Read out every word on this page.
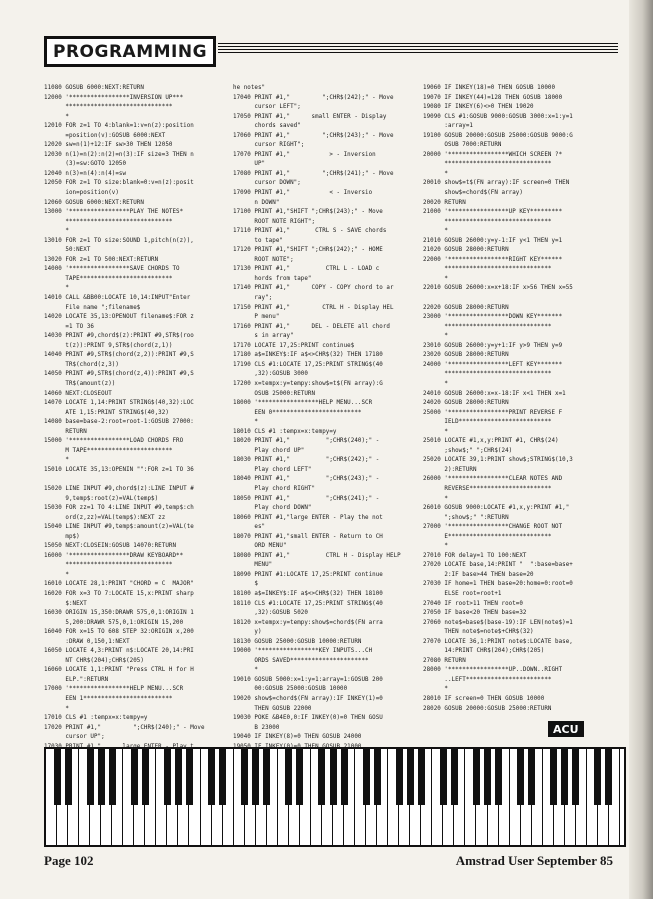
PROGRAMMING
11080 GOSUB 6000:NEXT:RETURN
12000 '*****************INVERSION UP***
******************************
*
12010 FOR z=1 TO 4:blank=1:v=n(z):position
=position(v):GOSUB 6000:NEXT
12020 sw=n(1)+12:IF sw>30 THEN 12050
12030 n(1)=n(2):n(2)=n(3):IF size=3 THEN n
(3)=sw:GOTO 12050
12040 n(3)=n(4):n(4)=sw
12050 FOR z=1 TO size:blank=0:v=n(z):posit
ion=position(v)
12060 GOSUB 6000:NEXT:RETURN
13000 '*****************PLAY THE NOTES*
******************************
*
13010 FOR z=1 TO size:SOUND 1,pitch(n(z)),
50:NEXT
13020 FOR z=1 TO 500:NEXT:RETURN
14000 '*****************SAVE CHORDS TO
TAPE**************************
*
14010 CALL &BB00:LOCATE 10,14:INPUT"Enter
File name ";filename$
14020 LOCATE 35,13:OPENOUT filename$:FOR z
=1 TO 36
14030 PRINT #9,chord$(z):PRINT #9,STR$(roo
t(z)):PRINT 9,STR$(chord(z,1))
14040 PRINT #9,STR$(chord(z,2)):PRINT #9,S
TR$(chord(z,3))
14050 PRINT #9,STR$(chord(z,4)):PRINT #9,S
TR$(amount(z))
14060 NEXT:CLOSEOUT
14070 LOCATE 1,14:PRINT STRING$(40,32):LOC
ATE 1,15:PRINT STRING$(40,32)
14080 base=base-2:root=root-1:GOSUB 27000:
RETURN
15000 '*****************LOAD CHORDS FRO
M TAPE************************
*
15010 LOCATE 35,13:OPENIN "":FOR z=1 TO 36
15020 LINE INPUT #9,chord$(z):LINE INPUT #
9,temp$:root(z)=VAL(temp$)
15030 FOR zz=1 TO 4:LINE INPUT #9,temp$:ch
ord(z,zz)=VAL(temp$):NEXT zz
15040 LINE INPUT #9,temp$:amount(z)=VAL(te
mp$)
15050 NEXT:CLOSEIN:GOSUB 14070:RETURN
16000 '*****************DRAW KEYBOARD**
******************************
*
16010 LOCATE 28,1:PRINT "CHORD = C  MAJOR"
16020 FOR x=3 TO 7:LOCATE 15,x:PRINT sharp
$:NEXT
16030 ORIGIN 15,350:DRAWR 575,0,1:ORIGIN 1
5,200:DRAWR 575,0,1:ORIGIN 15,200
16040 FOR x=15 TO 608 STEP 32:ORIGIN x,200
:DRAW 0,150,1:NEXT
16050 LOCATE 4,3:PRINT n$:LOCATE 20,14:PRI
NT CHR$(204);CHR$(205)
16060 LOCATE 1,1:PRINT "Press CTRL H for H
ELP.":RETURN
17000 '*****************HELP MENU...SCR
EEN 1*************************
*
17010 CLS #1 :tempx=x:tempy=y
17020 PRINT #1,"         ";CHR$(240);" - Move
cursor UP";
he notes"
17040 PRINT #1,"         ";CHR$(242);" - Move
cursor LEFT";
17050 PRINT #1,"      small ENTER - Display
chords saved"
17060 PRINT #1,"         ";CHR$(243);" - Move
cursor RIGHT";
17070 PRINT #1,"           > - Inversion
UP"
17080 PRINT #1,"         ";CHR$(241);" - Move
cursor DOWN";
17090 PRINT #1,"           < - Inversio
n DOWN"
17100 PRINT #1,"SHIFT ";CHR$(243);" - Move
ROOT NOTE RIGHT";
17110 PRINT #1,"       CTRL S - SAVE chords
to tape"
17120 PRINT #1,"SHIFT ";CHR$(242);" - HOME
ROOT NOTE";
17130 PRINT #1,"          CTRL L - LOAD c
hords from tape"
17140 PRINT #1,"      COPY - COPY chord to ar
ray";
17150 PRINT #1,"         CTRL H - Display HEL
P menu"
17160 PRINT #1,"      DEL - DELETE all chord
s in array"
17170 LOCATE 17,25:PRINT continue$
17180 a$=INKEY$:IF a$<>CHR$(32) THEN 17180
17190 CLS #1:LOCATE 17,25:PRINT STRING$(40
,32):GOSUB 3000
17200 x=tempx:y=tempy:show$=t$(FN array):G
OSUB 25000:RETURN
18000 '*****************HELP MENU...SCR
EEN 0*************************
*
18010 CLS #1 :tempx=x:tempy=y
18020 PRINT #1,"          ";CHR$(240);" -
Play chord UP"
18030 PRINT #1,"          ";CHR$(242);" -
Play chord LEFT"
18040 PRINT #1,"          ";CHR$(243);" -
Play chord RIGHT"
18050 PRINT #1,"          ";CHR$(241);" -
Play chord DOWN"
18060 PRINT #1,"large ENTER - Play the not
es"
18070 PRINT #1,"small ENTER - Return to CH
ORD MENU"
18080 PRINT #1,"          CTRL H - Display HELP
MENU"
18090 PRINT #1:LOCATE 17,25:PRINT continue
$
18100 a$=INKEY$:IF a$<>CHR$(32) THEN 18100
18110 CLS #1:LOCATE 17,25:PRINT STRING$(40
,32):GOSUB 5020
18120 x=tempx:y=tempy:show$=chord$(FN arra
y)
18130 GOSUB 25000:GOSUB 10000:RETURN
19000 '*****************KEY INPUTS...CH
ORDS SAVED**********************
*
19010 GOSUB 5000:x=1:y=1:array=1:GOSUB 200
00:GOSUB 25000:GOSUB 10000
19020 show$=chord$(FN array):IF INKEY(1)=0
THEN GOSUB 22000
19030 POKE &B4E0,0:IF INKEY(0)=0 THEN GOSU
B 23000
19040 IF INKEY(8)=0 THEN GOSUB 24000
19060 IF INKEY(18)=0 THEN GOSUB 10000
19070 IF INKEY(44)=128 THEN GOSUB 18000
19080 IF INKEY(6)<>0 THEN 19020
19090 CLS #1:GOSUB 9000:GOSUB 3000:x=1:y=1
:array=1
19100 GOSUB 20000:GOSUB 25000:GOSUB 9000:G
OSUB 7000:RETURN
20000 '*****************WHICH SCREEN ?*
******************************
*
20010 show$=t$(FN array):IF screen=0 THEN
show$=chord$(FN array)
20020 RETURN
21000 '*****************UP KEY*********
******************************
*
21010 GOSUB 26000:y=y-1:IF y<1 THEN y=1
21020 GOSUB 28000:RETURN
22000 '*****************RIGHT KEY******
******************************
*
22010 GOSUB 26000:x=x+18:IF x>56 THEN x=55
22020 GOSUB 28000:RETURN
23000 '*****************DOWN KEY*******
******************************
*
23010 GOSUB 26000:y=y+1:IF y>9 THEN y=9
23020 GOSUB 28000:RETURN
24000 '*****************LEFT KEY*******
******************************
*
24010 GOSUB 26000:x=x-18:IF x<1 THEN x=1
24020 GOSUB 28000:RETURN
25000 '*****************PRINT REVERSE F
IELD**************************
*
25010 LOCATE #1,x,y:PRINT #1, CHR$(24)
;show$;" ";CHR$(24)
25020 LOCATE 39,1:PRINT show$;STRING$(10,3
2):RETURN
26000 '*****************CLEAR NOTES AND
REVERSE***********************
*
26010 GOSUB 9000:LOCATE #1,x,y:PRINT #1,"
";show$;" ":RETURN
27000 '*****************CHANGE ROOT NOT
E*****************************
*
27010 FOR delay=1 TO 100:NEXT
27020 LOCATE base,14:PRINT "  ":base=base+
2:IF base>44 THEN base=20
27030 IF home=1 THEN base=20:home=0:root=0
ELSE root=root+1
27040 IF root>11 THEN root=0
27050 IF base<20 THEN base=32
27060 note$=base$(base-19):IF LEN(note$)=1
THEN note$=note$+CHR$(32)
27070 LOCATE 36,1:PRINT note$:LOCATE base,
14:PRINT CHR$(204);CHR$(205)
27080 RETURN
28000 '*****************UP..DOWN..RIGHT
..LEFT************************
*
28010 IF screen=0 THEN GOSUB 10000
28020 GOSUB 20000:GOSUB 25000:RETURN
ACU
Page 102	Amstrad User September 85
